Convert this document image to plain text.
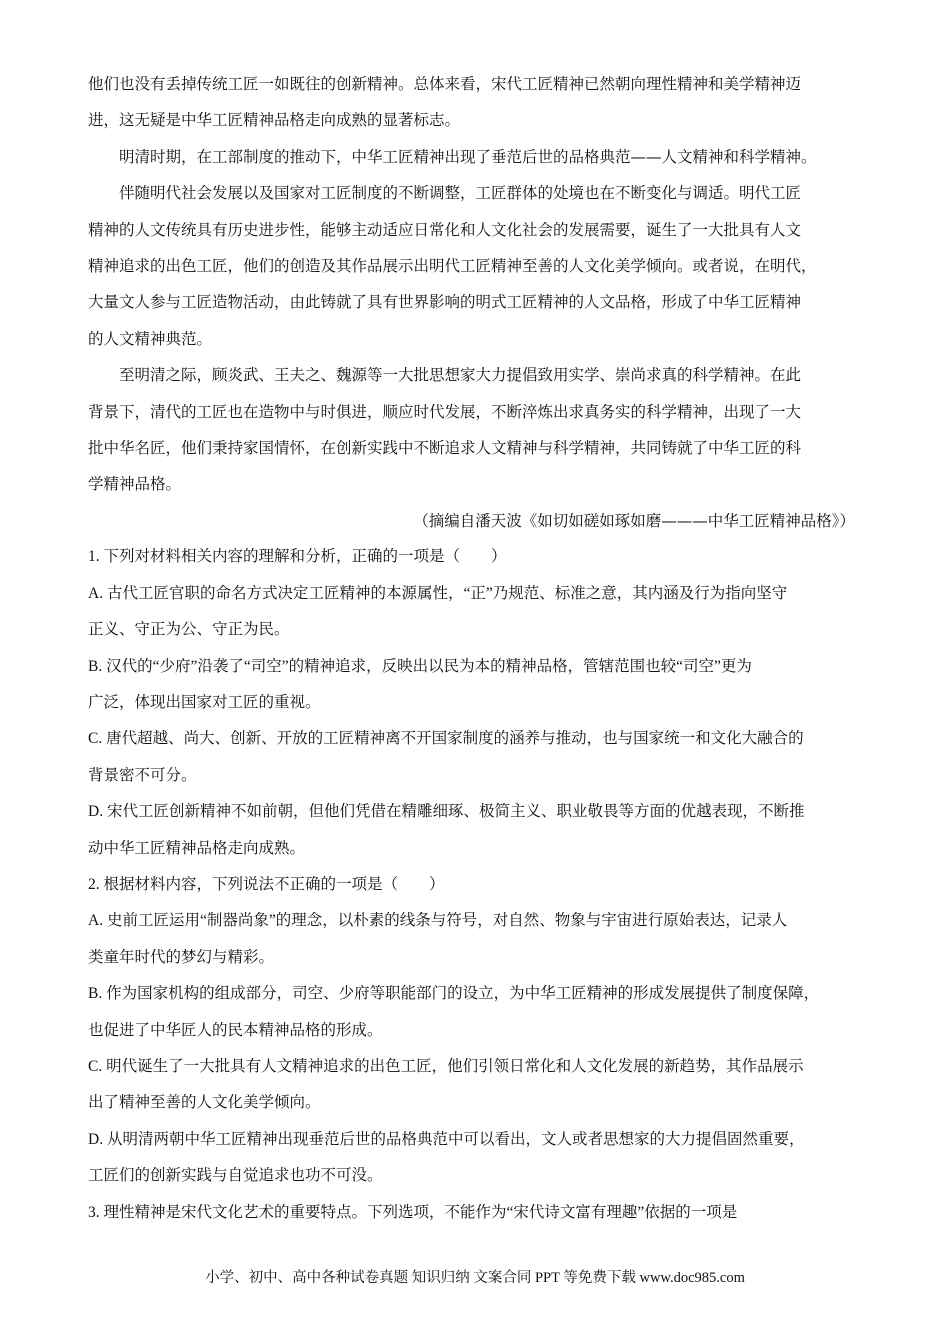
他们也没有丢掉传统工匠一如既往的创新精神。总体来看，宋代工匠精神已然朝向理性精神和美学精神迈
进，这无疑是中华工匠精神品格走向成熟的显著标志。
明清时期，在工部制度的推动下，中华工匠精神出现了垂范后世的品格典范——人文精神和科学精神。
伴随明代社会发展以及国家对工匠制度的不断调整，工匠群体的处境也在不断变化与调适。明代工匠
精神的人文传统具有历史进步性，能够主动适应日常化和人文化社会的发展需要，诞生了一大批具有人文
精神追求的出色工匠，他们的创造及其作品展示出明代工匠精神至善的人文化美学倾向。或者说，在明代，
大量文人参与工匠造物活动，由此铸就了具有世界影响的明式工匠精神的人文品格，形成了中华工匠精神
的人文精神典范。
至明清之际，顾炎武、王夫之、魏源等一大批思想家大力提倡致用实学、崇尚求真的科学精神。在此
背景下，清代的工匠也在造物中与时俱进，顺应时代发展，不断淬炼出求真务实的科学精神，出现了一大
批中华名匠，他们秉持家国情怀，在创新实践中不断追求人文精神与科学精神，共同铸就了中华工匠的科
学精神品格。
（摘编自潘天波《如切如磋如琢如磨———中华工匠精神品格》）
1. 下列对材料相关内容的理解和分析，正确的一项是（　　）
A. 古代工匠官职的命名方式决定工匠精神的本源属性，“正”乃规范、标准之意，其内涵及行为指向坚守
正义、守正为公、守正为民。
B. 汉代的“少府”沿袭了“司空”的精神追求，反映出以民为本的精神品格，管辖范围也较“司空”更为
广泛，体现出国家对工匠的重视。
C. 唐代超越、尚大、创新、开放的工匠精神离不开国家制度的涵养与推动，也与国家统一和文化大融合的
背景密不可分。
D. 宋代工匠创新精神不如前朝，但他们凭借在精雕细琢、极简主义、职业敬畏等方面的优越表现，不断推
动中华工匠精神品格走向成熟。
2. 根据材料内容，下列说法不正确的一项是（　　）
A. 史前工匠运用“制器尚象”的理念，以朴素的线条与符号，对自然、物象与宇宙进行原始表达，记录人
类童年时代的梦幻与精彩。
B. 作为国家机构的组成部分，司空、少府等职能部门的设立，为中华工匠精神的形成发展提供了制度保障，
也促进了中华匠人的民本精神品格的形成。
C. 明代诞生了一大批具有人文精神追求的出色工匠，他们引领日常化和人文化发展的新趋势，其作品展示
出了精神至善的人文化美学倾向。
D. 从明清两朝中华工匠精神出现垂范后世的品格典范中可以看出，文人或者思想家的大力提倡固然重要，
工匠们的创新实践与自觉追求也功不可没。
3. 理性精神是宋代文化艺术的重要特点。下列选项，不能作为“宋代诗文富有理趣”依据的一项是
小学、初中、高中各种试卷真题 知识归纳 文案合同 PPT 等免费下载 www.doc985.com
